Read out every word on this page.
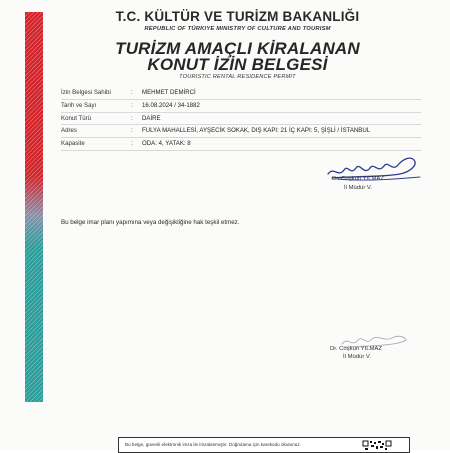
T.C. KÜLTÜR VE TURİZM BAKANLIĞI
REPUBLIC OF TÜRKIYE MINISTRY OF CULTURE AND TOURISM
TURİZM AMAÇLI KİRALANAN
KONUT İZİN BELGESİ
TOURISTIC RENTAL RESIDENCE PERMIT
İzin Belgesi Sahibi	: MEHMET DEMİRCİ
Tarih ve Sayı	: 16.08.2024 / 34-1882
Konut Türü	: DAİRE
Adres	: FULYA MAHALLESİ, AYŞECİK SOKAK, DIŞ KAPI: 21 İÇ KAPI: 5, ŞİŞLİ / İSTANBUL
Kapasite	: ODA: 4, YATAK: 8
Dr. Coşkun YILMAZ
İl Müdür V.
Bu belge imar planı yapımına veya değişikliğine hak teşkil etmez.
Dr. Coşkun YILMAZ
İl Müdür V.
Bu belge, güvenli elektronik imza ile imzalanmıştır. Doğrulama için karekodu okutunuz.
